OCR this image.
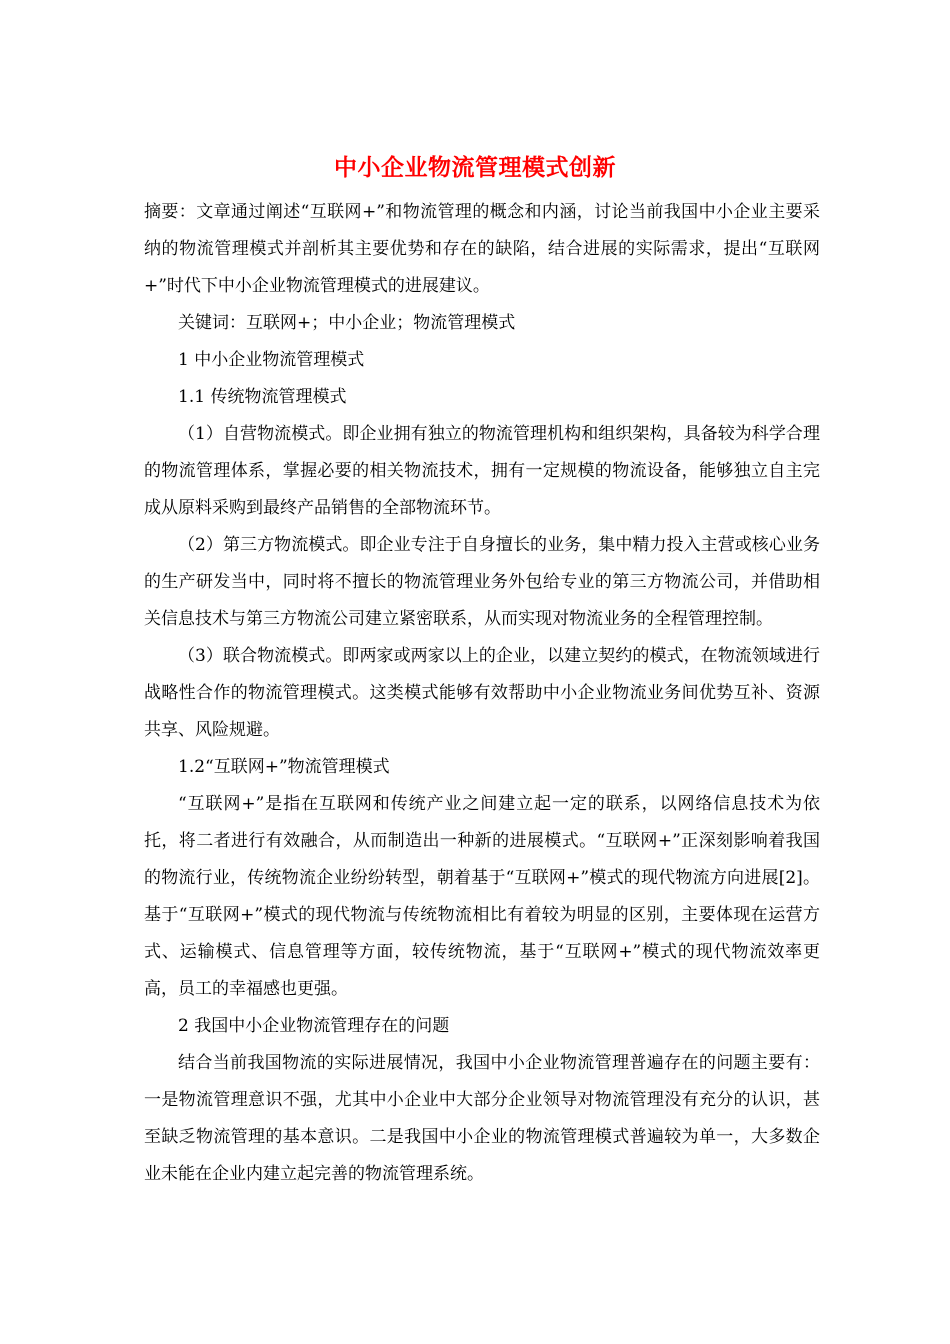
中小企业物流管理模式创新

摘要：文章通过阐述“互联网+”和物流管理的概念和内涵，讨论当前我国中小企业主要采纳的物流管理模式并剖析其主要优势和存在的缺陷，结合进展的实际需求，提出“互联网+”时代下中小企业物流管理模式的进展建议。

关键词：互联网+；中小企业；物流管理模式

1 中小企业物流管理模式

1.1 传统物流管理模式

（1）自营物流模式。即企业拥有独立的物流管理机构和组织架构，具备较为科学合理的物流管理体系，掌握必要的相关物流技术，拥有一定规模的物流设备，能够独立自主完成从原料采购到最终产品销售的全部物流环节。

（2）第三方物流模式。即企业专注于自身擅长的业务，集中精力投入主营或核心业务的生产研发当中，同时将不擅长的物流管理业务外包给专业的第三方物流公司，并借助相关信息技术与第三方物流公司建立紧密联系，从而实现对物流业务的全程管理控制。

（3）联合物流模式。即两家或两家以上的企业，以建立契约的模式，在物流领域进行战略性合作的物流管理模式。这类模式能够有效帮助中小企业物流业务间优势互补、资源共享、风险规避。

1.2“互联网+”物流管理模式

“互联网+”是指在互联网和传统产业之间建立起一定的联系，以网络信息技术为依托，将二者进行有效融合，从而制造出一种新的进展模式。“互联网+”正深刻影响着我国的物流行业，传统物流企业纷纷转型，朝着基于“互联网+”模式的现代物流方向进展[2]。基于“互联网+”模式的现代物流与传统物流相比有着较为明显的区别，主要体现在运营方式、运输模式、信息管理等方面，较传统物流，基于“互联网+”模式的现代物流效率更高，员工的幸福感也更强。

2 我国中小企业物流管理存在的问题

结合当前我国物流的实际进展情况，我国中小企业物流管理普遍存在的问题主要有：一是物流管理意识不强，尤其中小企业中大部分企业领导对物流管理没有充分的认识，甚至缺乏物流管理的基本意识。二是我国中小企业的物流管理模式普遍较为单一，大多数企业未能在企业内建立起完善的物流管理系统。
